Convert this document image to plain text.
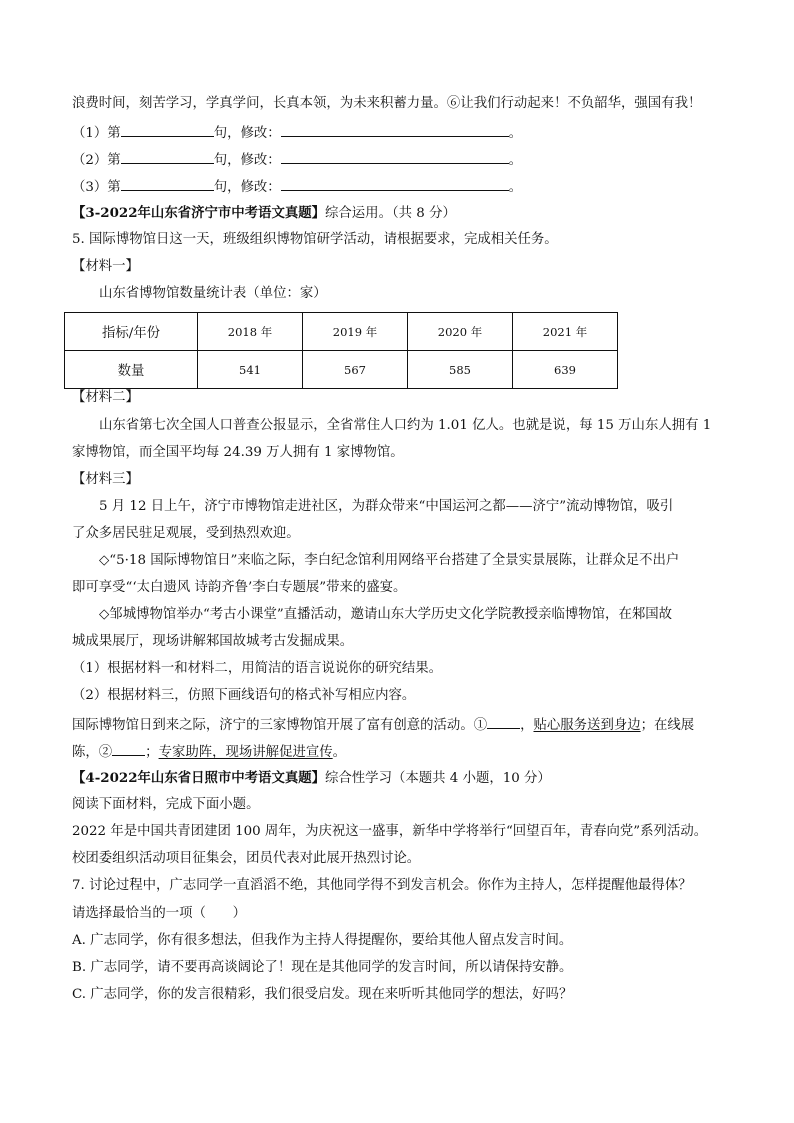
浪费时间，刻苦学习，学真学问，长真本领，为未来积蓄力量。⑥让我们行动起来！不负韶华，强国有我！
（1）第	句，修改：	。
（2）第	句，修改：	。
（3）第	句，修改：	。
【3-2022年山东省济宁市中考语文真题】综合运用。（共 8 分）
5. 国际博物馆日这一天，班级组织博物馆研学活动，请根据要求，完成相关任务。
【材料一】
山东省博物馆数量统计表（单位：家）
指标/年份	2018 年	2019 年	2020 年	2021 年
数量	541	567	585	639
【材料二】
山东省第七次全国人口普查公报显示，全省常住人口约为 1.01 亿人。也就是说，每 15 万山东人拥有 1
家博物馆，而全国平均每 24.39 万人拥有 1 家博物馆。
【材料三】
5 月 12 日上午，济宁市博物馆走进社区，为群众带来“中国运河之都——济宁”流动博物馆，吸引
了众多居民驻足观展，受到热烈欢迎。
◇“5·18 国际博物馆日”来临之际，李白纪念馆利用网络平台搭建了全景实景展陈，让群众足不出户
即可享受“‘太白遗风 诗韵齐鲁’李白专题展”带来的盛宴。
◇邹城博物馆举办“考古小课堂”直播活动，邀请山东大学历史文化学院教授亲临博物馆，在邾国故
城成果展厅，现场讲解邾国故城考古发掘成果。
（1）根据材料一和材料二，用简洁的语言说说你的研究结果。
（2）根据材料三，仿照下画线语句的格式补写相应内容。
国际博物馆日到来之际，济宁的三家博物馆开展了富有创意的活动。① ，贴心服务送到身边；在线展
陈，② ；专家助阵，现场讲解促进宣传。
【4-2022年山东省日照市中考语文真题】综合性学习（本题共 4 小题，10 分）
阅读下面材料，完成下面小题。
2022 年是中国共青团建团 100 周年，为庆祝这一盛事，新华中学将举行“回望百年，青春向党”系列活动。
校团委组织活动项目征集会，团员代表对此展开热烈讨论。
7. 讨论过程中，广志同学一直滔滔不绝，其他同学得不到发言机会。你作为主持人，怎样提醒他最得体？
请选择最恰当的一项（　　）
A. 广志同学，你有很多想法，但我作为主持人得提醒你，要给其他人留点发言时间。
B. 广志同学，请不要再高谈阔论了！现在是其他同学的发言时间，所以请保持安静。
C. 广志同学，你的发言很精彩，我们很受启发。现在来听听其他同学的想法，好吗？
